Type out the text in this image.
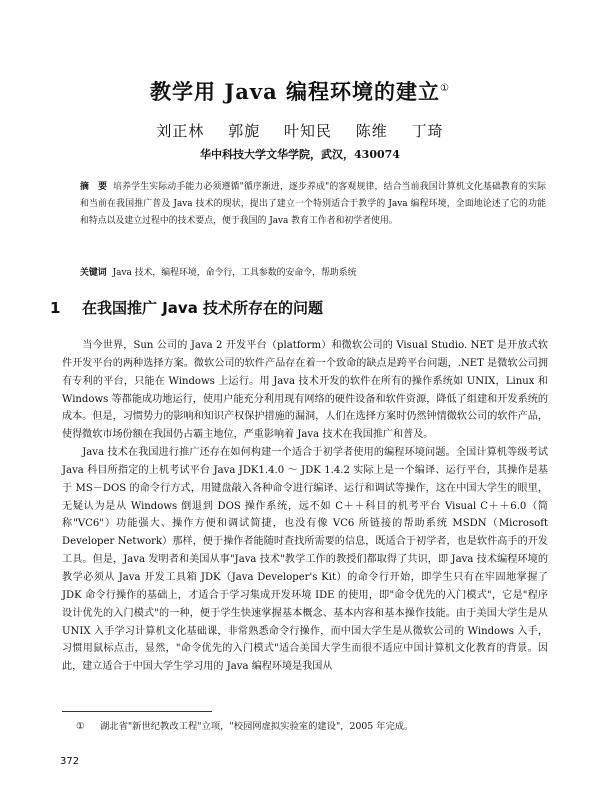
教学用 Java 编程环境的建立①
刘正林 郭旎 叶知民 陈维 丁琦
华中科技大学文华学院，武汉，430074
摘　要 培养学生实际动手能力必须遵循"循序渐进，逐步养成"的客观规律，结合当前我国计算机文化基础教育的实际和当前在我国推广普及 Java 技术的现状，提出了建立一个特别适合于教学的 Java 编程环境，全面地论述了它的功能和特点以及建立过程中的技术要点，便于我国的 Java 教育工作者和初学者使用。
关键词 Java 技术，编程环境，命令行，工具参数的安命令，帮助系统
1 在我国推广 Java 技术所存在的问题

当今世界，Sun 公司的 Java 2 开发平台（platform）和微软公司的 Visual Studio. NET 是开放式软件开发平台的两种选择方案。微软公司的软件产品存在着一个致命的缺点是跨平台问题，.NET 是微软公司拥有专利的平台，只能在 Windows 上运行。用 Java 技术开发的软件在所有的操作系统如 UNIX，Linux 和 Windows 等都能成功地运行，使用户能充分利用现有网络的硬件设备和软件资源，降低了组建和开发系统的成本。但是，习惯势力的影响和知识产权保护措施的漏洞，人们在选择方案时仍然钟情微软公司的软件产品，使得微软市场份额在我国仍占霸主地位，严重影响着 Java 技术在我国推广和普及。

Java 技术在我国进行推广还存在如何构建一个适合于初学者使用的编程环境问题。全国计算机等级考试 Java 科目所指定的上机考试平台 Java JDK1.4.0 ～ JDK 1.4.2 实际上是一个编译、运行平台，其操作是基于 MS－DOS 的命令行方式，用键盘敲入各种命令进行编译、运行和调试等操作，这在中国大学生的眼里，无疑认为是从 Windows 倒退到 DOS 操作系统，远不如 C＋＋科目的机考平台 Visual C＋＋6.0（简称"VC6"）功能强大、操作方便和调试简捷，也没有像 VC6 所链接的帮助系统 MSDN（Microsoft Developer Network）那样，便于操作者能随时查找所需要的信息，既适合于初学者，也是软件高手的开发工具。但是，Java 发明者和美国从事"Java 技术"教学工作的教授们都取得了共识，即 Java 技术编程环境的教学必须从 Java 开发工具箱 JDK（Java Developer's Kit）的命令行开始，即学生只有在牢固地掌握了 JDK 命令行操作的基础上，才适合于学习集成开发环境 IDE 的使用，即"命令优先的入门模式"，它是"程序设计优先的入门模式"的一种，便于学生快速掌握基本概念、基本内容和基本操作技能。由于美国大学生是从 UNIX 入手学习计算机文化基础课，非常熟悉命令行操作，而中国大学生是从微软公司的 Windows 入手，习惯用鼠标点击，显然，"命令优先的入门模式"适合美国大学生而很不适应中国计算机文化教育的背景。因此，建立适合于中国大学生学习用的 Java 编程环境是我国从

① 湖北省"新世纪教改工程"立项，"校园网虚拟实验室的建设"，2005 年完成。
372
